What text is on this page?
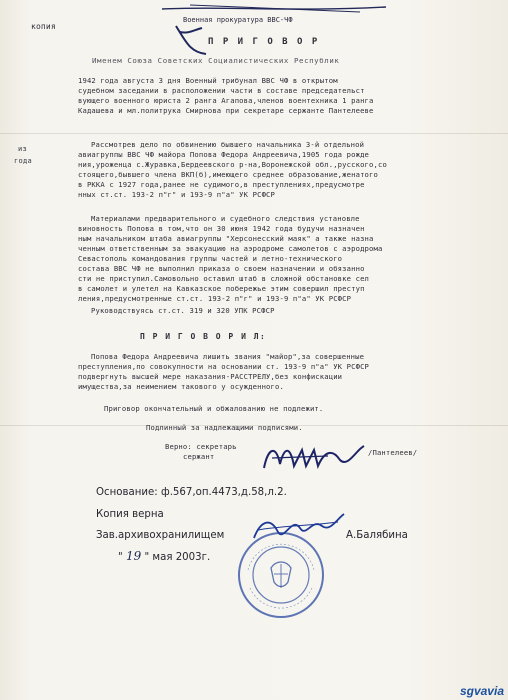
копия
Военная прокуратура ВВС-ЧФ
П Р И Г О В О Р
Именем Союза Советских Социалистических Республик
1942 года августа 3 дня Военный трибунал ВВС ЧФ в открытом
судебном заседании в расположении части в составе председательст
вующего военного юриста 2 ранга Агапова,членов воентехника 1 ранга
Кадашева и мл.политрука Смирнова при секретаре сержанте Пантелееве
из
года
Рассмотрев дело по обвинению бывшего начальника 3-й отдельной
авиагруппы ВВС ЧФ майора Попова Федора Андреевича,1905 года рожде
ния,уроженца с.Журавка,Бердеевского р-на,Воронежской обл.,русского,со
стоящего,бывшего члена ВКП(б),имеющего среднее образование,женатого
в РККА с 1927 года,ранее не судимого,в преступлениях,предусмотре
нных ст.ст. 193-2 п"г" и 193-9 п"а" УК РСФСР
Материалами предварительного и судебного следствия установле
виновность Попова в том,что он 30 июня 1942 года будучи назначен
ным начальником штаба авиагруппы "Херсонесский маяк" а также назна
ченным ответственным за эвакуацию на аэродроме самолетов с аэродрома
Севастополь командования группы частей и летно-технического
состава ВВС ЧФ не выполнил приказа о своем назначении и обязанно
сти не приступил.Самовольно оставил штаб в сложной обстановке сел
в самолет и улетел на Кавказское побережье этим совершил преступ
ления,предусмотренные ст.ст. 193-2 п"г" и 193-9 п"а" УК РСФСР
Руководствуясь ст.ст. 319 и 320 УПК РСФСР
П Р И Г О В О Р И Л:
Попова Федора Андреевича лишить звания "майор",за совершенные
преступления,по совокупности на основании ст. 193-9 п"а" УК РСФСР
подвергнуть высшей мере наказания-РАССТРЕЛУ,без конфискации
имущества,за неимением такового у осужденного.
Приговор окончательный и обжалованию не подлежит.
Подлинный за надлежащими подписями.
Верно: секретарь
сержант	/Пантелеев/
Основание: ф.567,оп.4473,д.58,л.2.
Копия верна
Зав.архивохранилищем	А.Балябина
" 19 " мая 2003г.
sgvavia
